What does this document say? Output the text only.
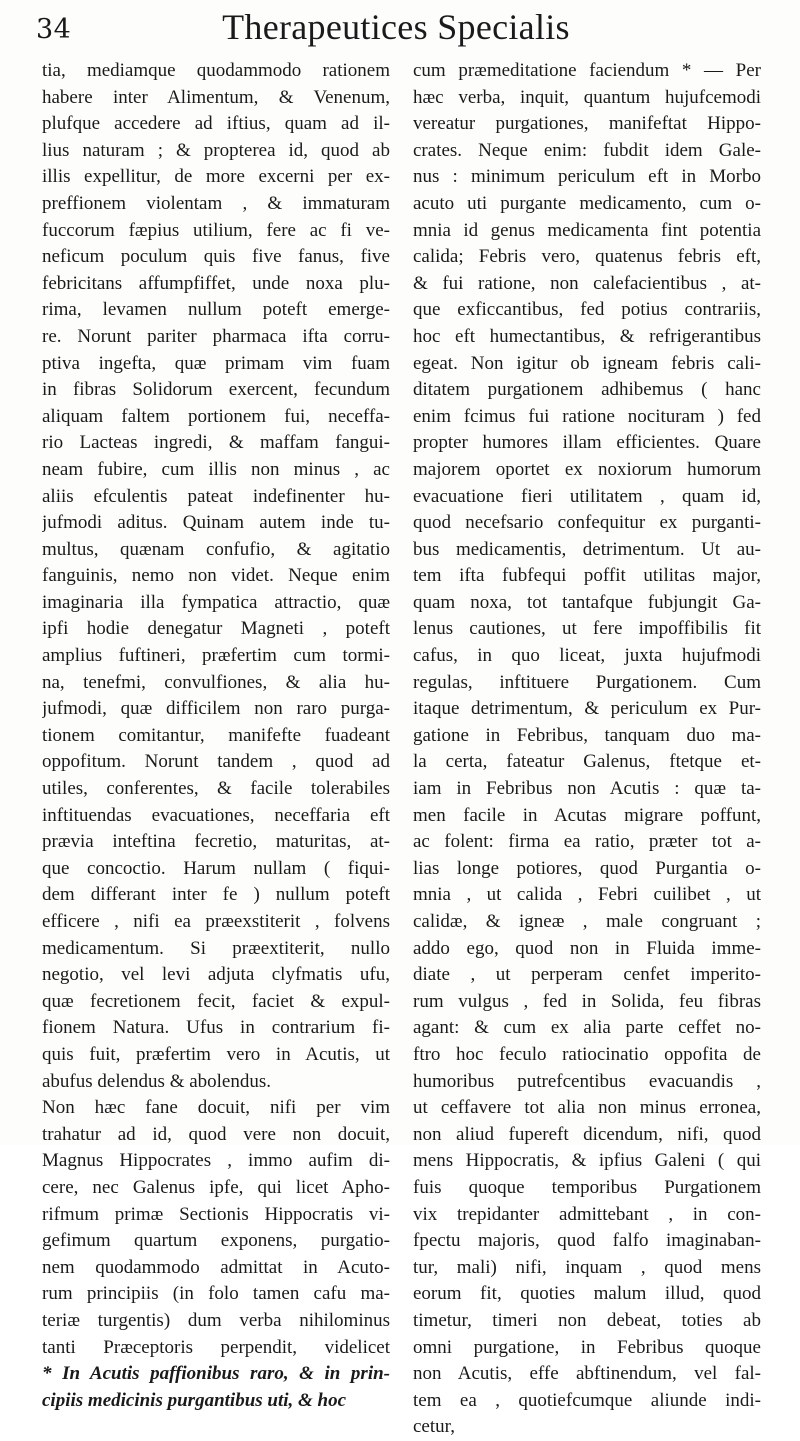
34	Therapeutices Specialis
tia, mediamque quodammodo rationem
habere inter Alimentum, & Venenum,
plufque accedere ad iftius, quam ad il-
lius naturam ; & propterea id, quod ab
illis expellitur, de more excerni per ex-
preffionem violentam , & immaturam
fuccorum fæpius utilium, fere ac fi ve-
neficum poculum quis five fanus, five
febricitans affumpfiffet, unde noxa plu-
rima, levamen nullum poteft emerge-
re. Norunt pariter pharmaca ifta corru-
ptiva ingefta, quæ primam vim fuam
in fibras Solidorum exercent, fecundum
aliquam faltem portionem fui, neceffa-
rio Lacteas ingredi, & maffam fangui-
neam fubire, cum illis non minus , ac
aliis efculentis pateat indefinenter hu-
jufmodi aditus. Quinam autem inde tu-
multus, quænam confufio, & agitatio
fanguinis, nemo non videt. Neque enim
imaginaria illa fympatica attractio, quæ
ipfi hodie denegatur Magneti , poteft
amplius fuftineri, præfertim cum tormi-
na, tenefmi, convulfiones, & alia hu-
jufmodi, quæ difficilem non raro purga-
tionem comitantur, manifefte fuadeant
oppofitum. Norunt tandem , quod ad
utiles, conferentes, & facile tolerabiles
inftituendas evacuationes, neceffaria eft
prævia inteftina fecretio, maturitas, at-
que concoctio. Harum nullam ( fiqui-
dem differant inter fe ) nullum poteft
efficere , nifi ea præexstiterit , folvens
medicamentum. Si præextiterit, nullo
negotio, vel levi adjuta clyfmatis ufu,
quæ fecretionem fecit, faciet & expul-
fionem Natura. Ufus in contrarium fi-
quis fuit, præfertim vero in Acutis, ut
abufus delendus & abolendus.
Non hæc fane docuit, nifi per vim
trahatur ad id, quod vere non docuit,
Magnus Hippocrates , immo aufim di-
cere, nec Galenus ipfe, qui licet Apho-
rifmum primæ Sectionis Hippocratis vi-
gefimum quartum exponens, purgatio-
nem quodammodo admittat in Acuto-
rum principiis (in folo tamen cafu ma-
teriæ turgentis) dum verba nihilominus
tanti Præceptoris perpendit, videlicet
* In Acutis paffionibus raro, & in prin-
cipiis medicinis purgantibus uti, & hoc
cum præmeditatione faciendum * — Per
hæc verba, inquit, quantum hujufcemodi
vereatur purgationes, manifeftat Hippo-
crates. Neque enim: fubdit idem Gale-
nus : minimum periculum eft in Morbo
acuto uti purgante medicamento, cum o-
mnia id genus medicamenta fint potentia
calida; Febris vero, quatenus febris eft,
& fui ratione, non calefacientibus , at-
que exficcantibus, fed potius contrariis,
hoc eft humectantibus, & refrigerantibus
egeat. Non igitur ob igneam febris cali-
ditatem purgationem adhibemus ( hanc
enim fcimus fui ratione nocituram ) fed
propter humores illam efficientes. Quare
majorem oportet ex noxiorum humorum
evacuatione fieri utilitatem , quam id,
quod necefsario confequitur ex purganti-
bus medicamentis, detrimentum. Ut au-
tem ifta fubfequi poffit utilitas major,
quam noxa, tot tantafque fubjungit Ga-
lenus cautiones, ut fere impoffibilis fit
cafus, in quo liceat, juxta hujufmodi
regulas, inftituere Purgationem. Cum
itaque detrimentum, & periculum ex Pur-
gatione in Febribus, tanquam duo ma-
la certa, fateatur Galenus, ftetque et-
iam in Febribus non Acutis : quæ ta-
men facile in Acutas migrare poffunt,
ac folent: firma ea ratio, præter tot a-
lias longe potiores, quod Purgantia o-
mnia , ut calida , Febri cuilibet , ut
calidæ, & igneæ , male congruant ;
addo ego, quod non in Fluida imme-
diate , ut perperam cenfet imperito-
rum vulgus , fed in Solida, feu fibras
agant: & cum ex alia parte ceffet no-
ftro hoc feculo ratiocinatio oppofita de
humoribus putrefcentibus evacuandis ,
ut ceffavere tot alia non minus erronea,
non aliud fupereft dicendum, nifi, quod
mens Hippocratis, & ipfius Galeni ( qui
fuis quoque temporibus Purgationem
vix trepidanter admittebant , in con-
fpectu majoris, quod falfo imaginaban-
tur, mali) nifi, inquam , quod mens
eorum fit, quoties malum illud, quod
timetur, timeri non debeat, toties ab
omni purgatione, in Febribus quoque
non Acutis, effe abftinendum, vel fal-
tem ea , quotiefcumque aliunde indi-
cetur,
